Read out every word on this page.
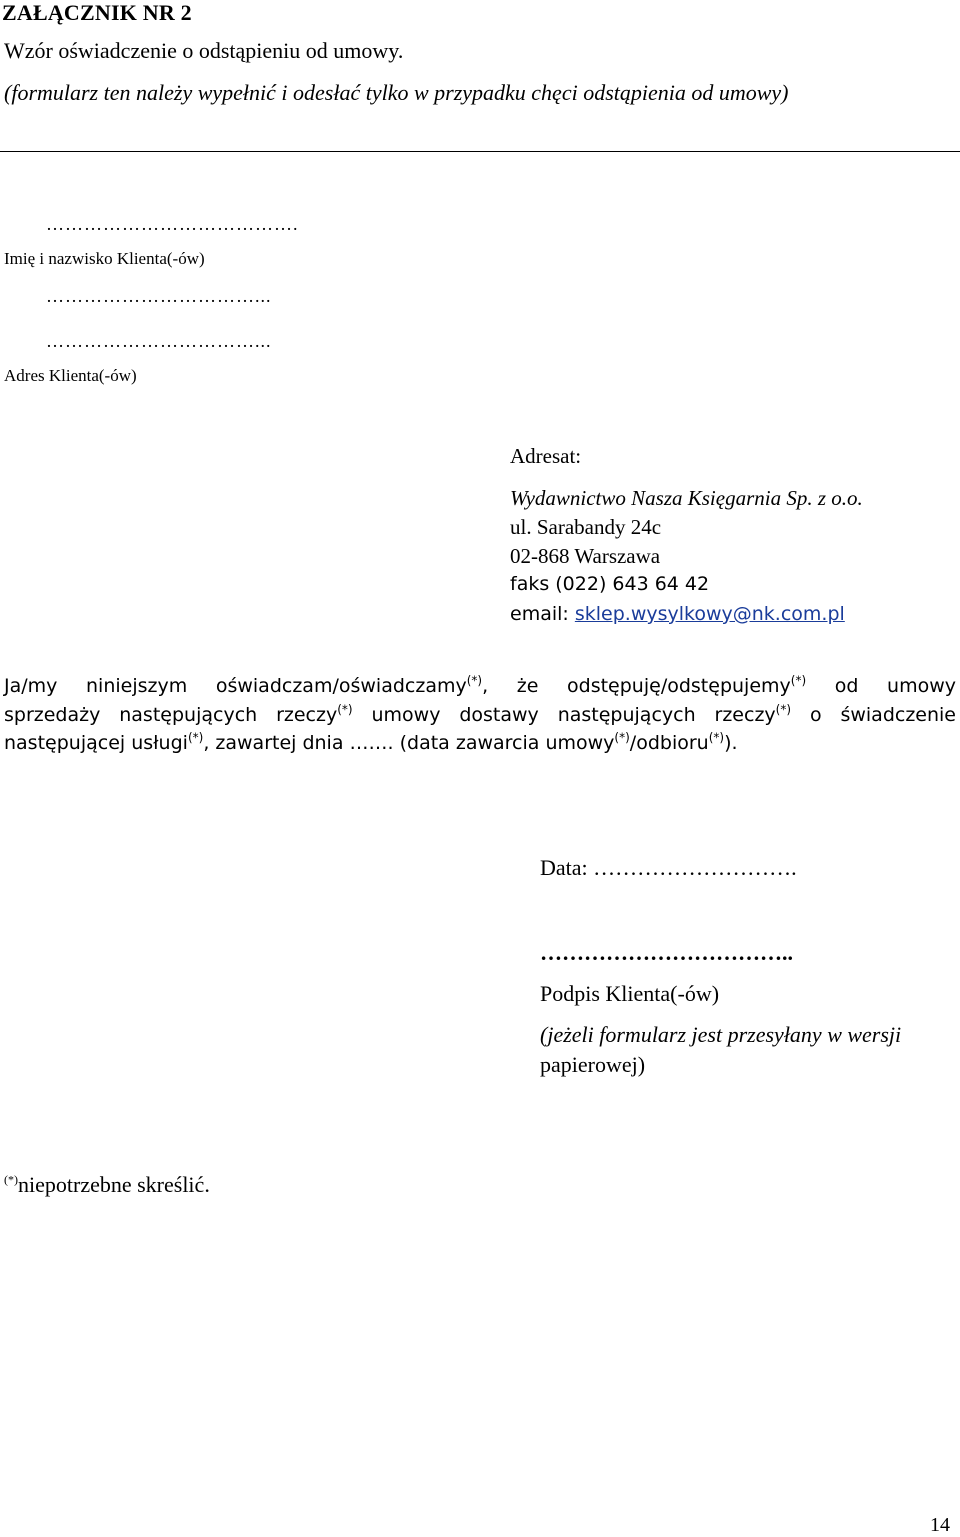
ZAŁĄCZNIK NR 2
Wzór oświadczenie o odstąpieniu od umowy.
(formularz ten należy wypełnić i odesłać tylko w przypadku chęci odstąpienia od umowy)
………………………………….
Imię i nazwisko Klienta(-ów)
……………………………...
……………………………...
Adres Klienta(-ów)
Adresat:
Wydawnictwo Nasza Księgarnia Sp. z o.o.
ul. Sarabandy 24c
02-868 Warszawa
faks (022) 643 64 42
email: sklep.wysylkowy@nk.com.pl
Ja/my niniejszym oświadczam/oświadczamy(*), że odstępuję/odstępujemy(*) od umowy
sprzedaży następujących rzeczy(*) umowy dostawy następujących rzeczy(*) o świadczenie
następującej usługi(*), zawartej dnia ……. (data zawarcia umowy(*)/odbioru(*)).
Data: ……………………….
……………………………..
Podpis Klienta(-ów)
(jeżeli formularz jest przesyłany w wersji
papierowej)
(*)niepotrzebne skreślić.
14
